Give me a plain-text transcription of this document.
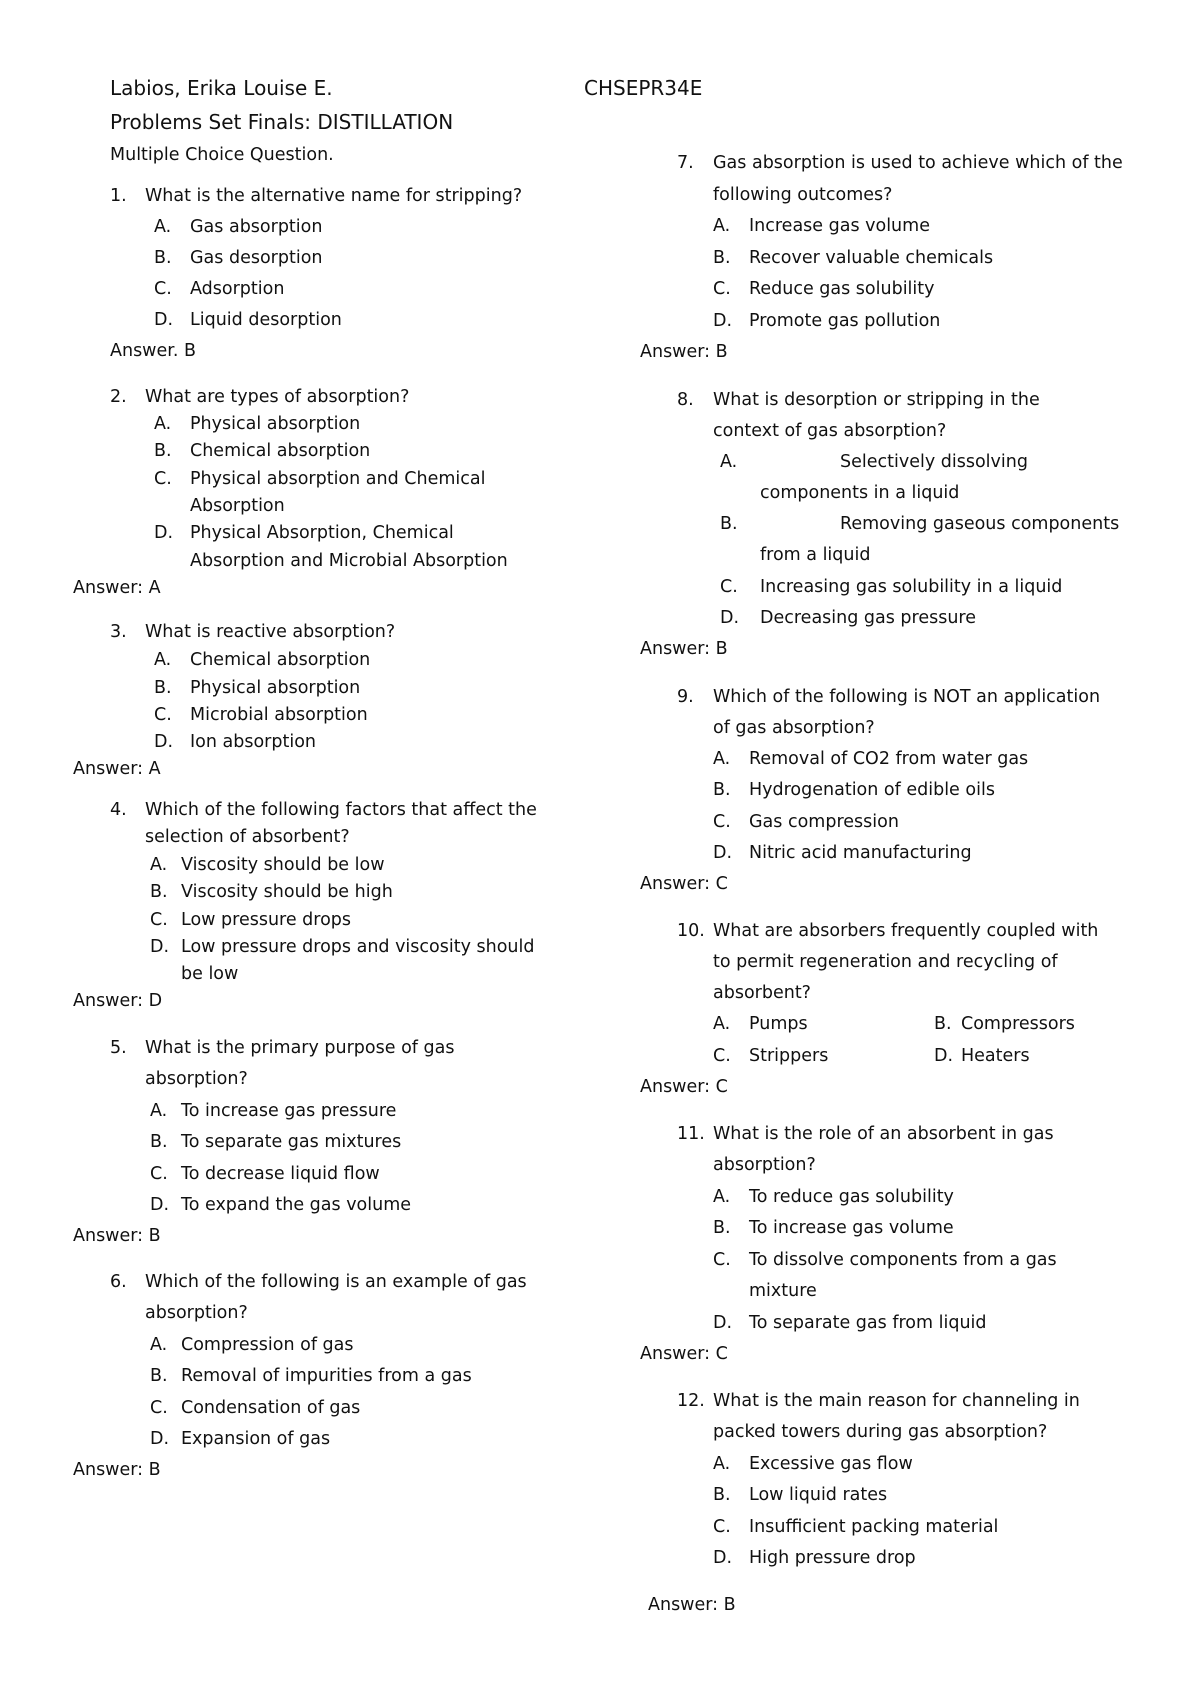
Labios, Erika Louise E.	CHSEPR34E
Problems Set Finals: DISTILLATION
Multiple Choice Question.
1. What is the alternative name for stripping?
A. Gas absorption
B. Gas desorption
C. Adsorption
D. Liquid desorption
Answer. B
2. What are types of absorption?
A. Physical absorption
B. Chemical absorption
C. Physical absorption and Chemical
Absorption
D. Physical Absorption, Chemical
Absorption and Microbial Absorption
Answer: A
3. What is reactive absorption?
A. Chemical absorption
B. Physical absorption
C. Microbial absorption
D. Ion absorption
Answer: A
4. Which of the following factors that affect the
selection of absorbent?
A. Viscosity should be low
B. Viscosity should be high
C. Low pressure drops
D. Low pressure drops and viscosity should
be low
Answer: D
5. What is the primary purpose of gas
absorption?
A. To increase gas pressure
B. To separate gas mixtures
C. To decrease liquid flow
D. To expand the gas volume
Answer: B
6. Which of the following is an example of gas
absorption?
A. Compression of gas
B. Removal of impurities from a gas
C. Condensation of gas
D. Expansion of gas
Answer: B
7. Gas absorption is used to achieve which of the
following outcomes?
A. Increase gas volume
B. Recover valuable chemicals
C. Reduce gas solubility
D. Promote gas pollution
Answer: B
8. What is desorption or stripping in the
context of gas absorption?
A.	Selectively dissolving
components in a liquid
B.	Removing gaseous components
from a liquid
C. Increasing gas solubility in a liquid
D. Decreasing gas pressure
Answer: B
9. Which of the following is NOT an application
of gas absorption?
A. Removal of CO2 from water gas
B. Hydrogenation of edible oils
C. Gas compression
D. Nitric acid manufacturing
Answer: C
10. What are absorbers frequently coupled with
to permit regeneration and recycling of
absorbent?
A. Pumps	B. Compressors
C. Strippers	D. Heaters
Answer: C
11. What is the role of an absorbent in gas
absorption?
A. To reduce gas solubility
B. To increase gas volume
C. To dissolve components from a gas
mixture
D. To separate gas from liquid
Answer: C
12. What is the main reason for channeling in
packed towers during gas absorption?
A. Excessive gas flow
B. Low liquid rates
C. Insufficient packing material
D. High pressure drop
Answer: B
